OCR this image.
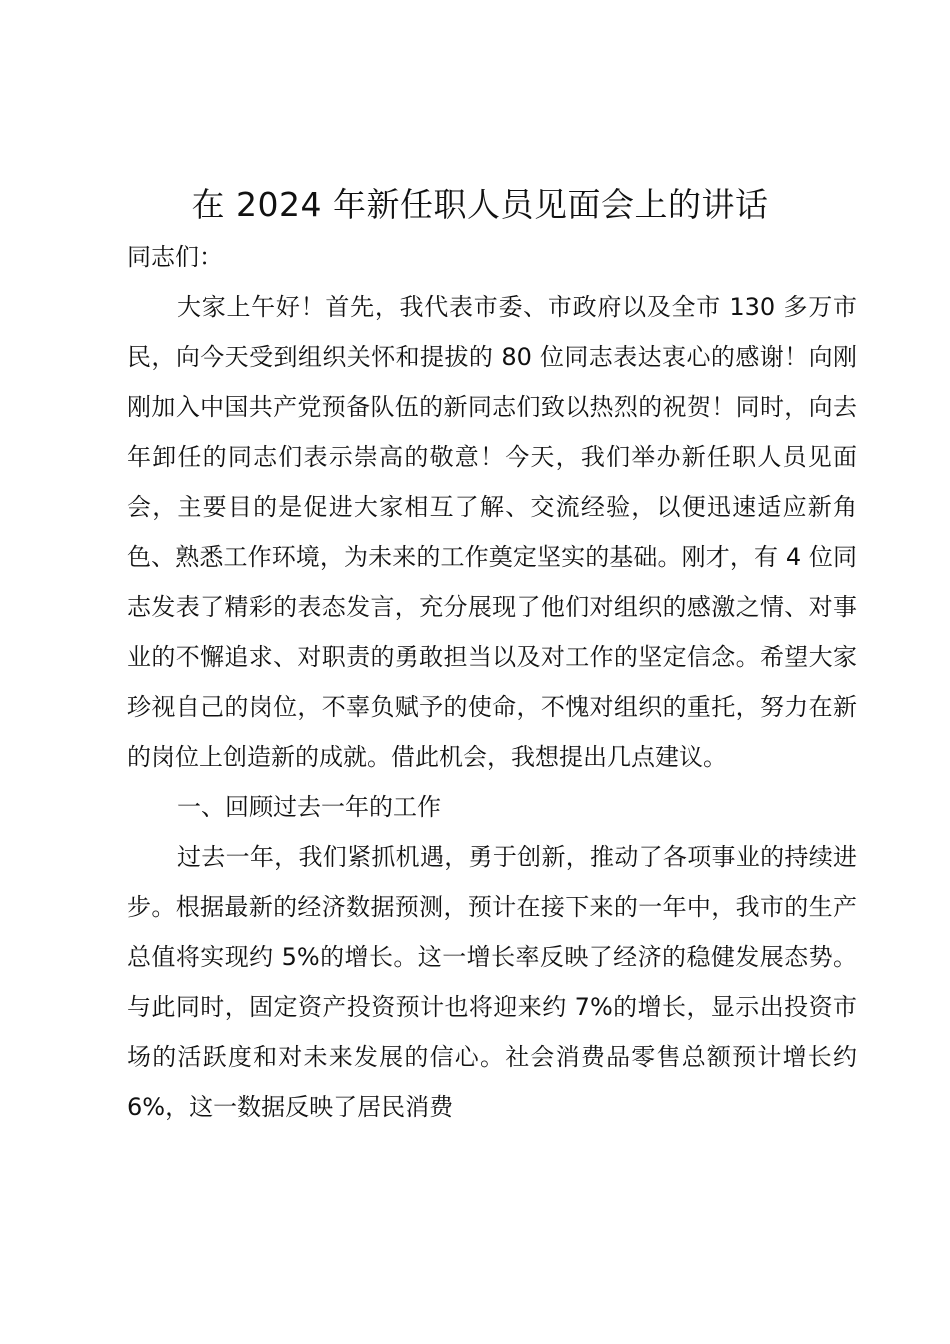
在 2024 年新任职人员见面会上的讲话
同志们：

大家上午好！首先，我代表市委、市政府以及全市 130 多万市民，向今天受到组织关怀和提拔的 80 位同志表达衷心的感谢！向刚刚加入中国共产党预备队伍的新同志们致以热烈的祝贺！同时，向去年卸任的同志们表示崇高的敬意！今天，我们举办新任职人员见面会，主要目的是促进大家相互了解、交流经验，以便迅速适应新角色、熟悉工作环境，为未来的工作奠定坚实的基础。刚才，有 4 位同志发表了精彩的表态发言，充分展现了他们对组织的感激之情、对事业的不懈追求、对职责的勇敢担当以及对工作的坚定信念。希望大家珍视自己的岗位，不辜负赋予的使命，不愧对组织的重托，努力在新的岗位上创造新的成就。借此机会，我想提出几点建议。

一、回顾过去一年的工作

过去一年，我们紧抓机遇，勇于创新，推动了各项事业的持续进步。根据最新的经济数据预测，预计在接下来的一年中，我市的生产总值将实现约 5%的增长。这一增长率反映了经济的稳健发展态势。与此同时，固定资产投资预计也将迎来约 7%的增长，显示出投资市场的活跃度和对未来发展的信心。社会消费品零售总额预计增长约 6%，这一数据反映了居民消费
